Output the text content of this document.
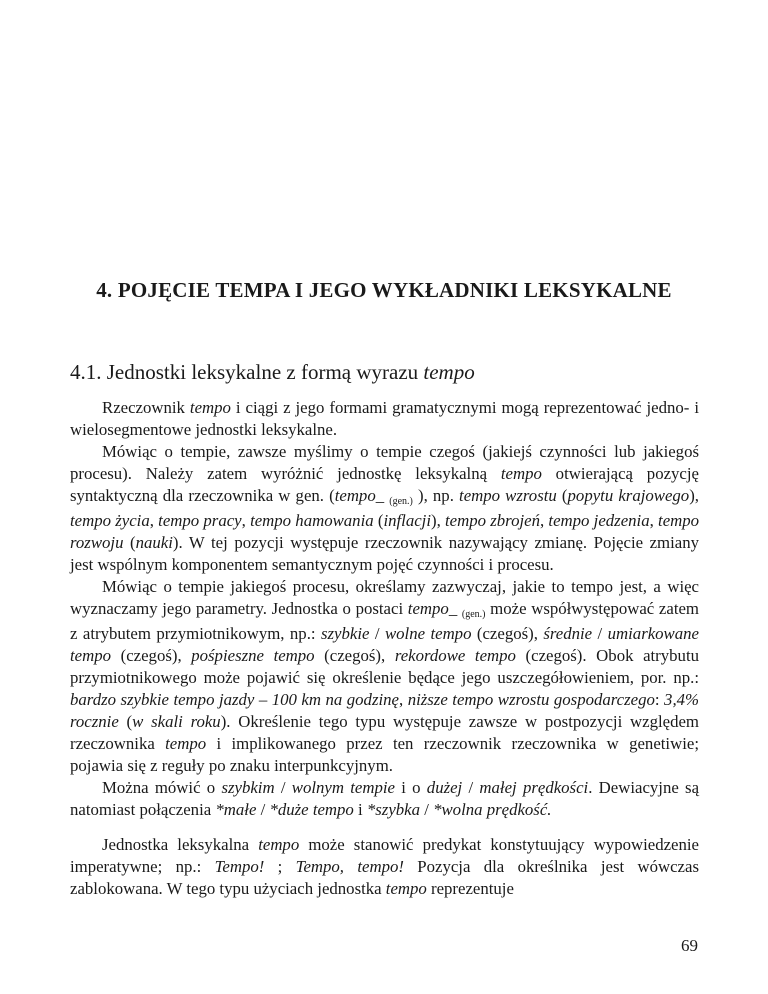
4. POJĘCIE TEMPA I JEGO WYKŁADNIKI LEKSYKALNE
4.1. Jednostki leksykalne z formą wyrazu tempo

Rzeczownik tempo i ciągi z jego formami gramatycznymi mogą reprezentować jedno- i wielosegmentowe jednostki leksykalne.

Mówiąc o tempie, zawsze myślimy o tempie czegoś (jakiejś czynności lub jakiegoś procesu). Należy zatem wyróżnić jednostkę leksykalną tempo otwierającą pozycję syntaktyczną dla rzeczownika w gen. (tempo_ (gen.) ), np. tempo wzrostu (popytu krajowego), tempo życia, tempo pracy, tempo hamowania (inflacji), tempo zbrojeń, tempo jedzenia, tempo rozwoju (nauki). W tej pozycji występuje rzeczownik nazywający zmianę. Pojęcie zmiany jest wspólnym komponentem semantycznym pojęć czynności i procesu.

Mówiąc o tempie jakiegoś procesu, określamy zazwyczaj, jakie to tempo jest, a więc wyznaczamy jego parametry. Jednostka o postaci tempo_ (gen.) może współwystępować zatem z atrybutem przymiotnikowym, np.: szybkie / wolne tempo (czegoś), średnie / umiarkowane tempo (czegoś), pośpieszne tempo (czegoś), rekordowe tempo (czegoś). Obok atrybutu przymiotnikowego może pojawić się określenie będące jego uszczegółowieniem, por. np.: bardzo szybkie tempo jazdy – 100 km na godzinę, niższe tempo wzrostu gospodarczego: 3,4% rocznie (w skali roku). Określenie tego typu występuje zawsze w postpozycji względem rzeczownika tempo i implikowanego przez ten rzeczownik rzeczownika w genetiwie; pojawia się z reguły po znaku interpunkcyjnym.

Można mówić o szybkim / wolnym tempie i o dużej / małej prędkości. Dewiacyjne są natomiast połączenia *małe / *duże tempo i *szybka / *wolna prędkość.

Jednostka leksykalna tempo może stanowić predykat konstytuujący wypowiedzenie imperatywne; np.: Tempo! ; Tempo, tempo! Pozycja dla określnika jest wówczas zablokowana. W tego typu użyciach jednostka tempo reprezentuje

69
